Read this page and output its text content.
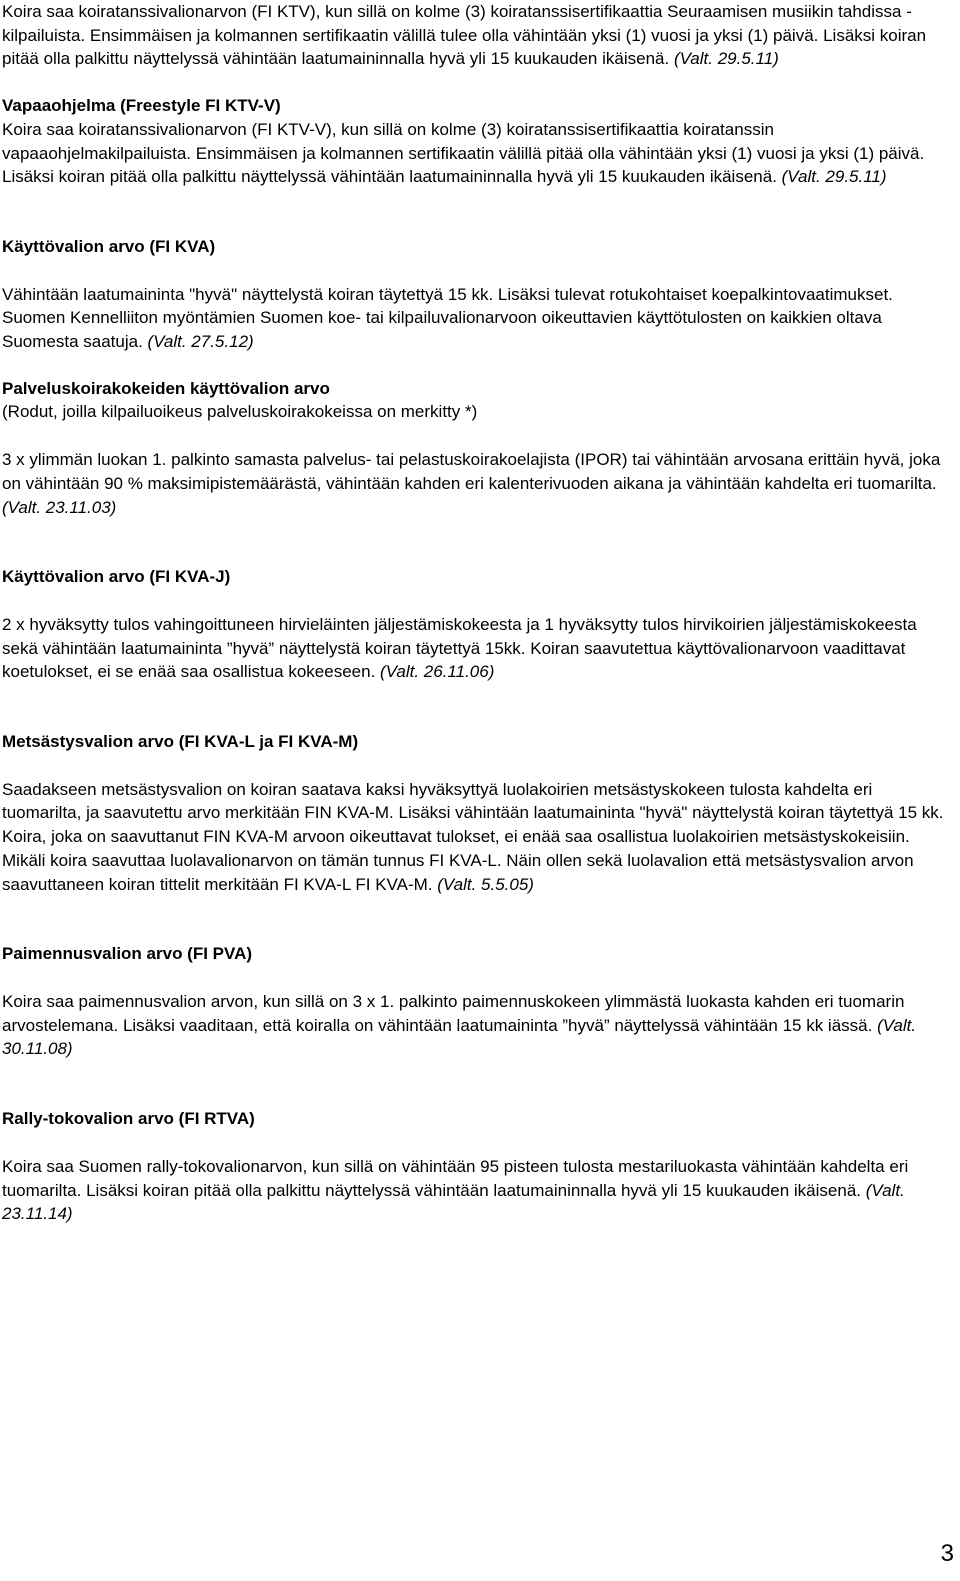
Koira saa koiratanssivalionarvon (FI KTV), kun sillä on kolme (3) koiratanssisertifikaattia Seuraamisen musiikin tahdissa -kilpailuista. Ensimmäisen ja kolmannen sertifikaatin välillä tulee olla vähintään yksi (1) vuosi ja yksi (1) päivä. Lisäksi koiran pitää olla palkittu näyttelyssä vähintään laatumaininnalla hyvä yli 15 kuukauden ikäisenä. (Valt. 29.5.11)

Vapaaohjelma (Freestyle FI KTV-V)

Koira saa koiratanssivalionarvon (FI KTV-V), kun sillä on kolme (3) koiratanssisertifikaattia koiratanssin vapaaohjelmakilpailuista. Ensimmäisen ja kolmannen sertifikaatin välillä pitää olla vähintään yksi (1) vuosi ja yksi (1) päivä. Lisäksi koiran pitää olla palkittu näyttelyssä vähintään laatumaininnalla hyvä yli 15 kuukauden ikäisenä. (Valt. 29.5.11)

Käyttövalion arvo (FI KVA)

Vähintään laatumaininta "hyvä" näyttelystä koiran täytettyä 15 kk. Lisäksi tulevat rotukohtaiset koepalkintovaatimukset. Suomen Kennelliiton myöntämien Suomen koe- tai kilpailuvalionarvoon oikeuttavien käyttötulosten on kaikkien oltava Suomesta saatuja. (Valt. 27.5.12)

Palveluskoirakokeiden käyttövalion arvo

(Rodut, joilla kilpailuoikeus palveluskoirakokeissa on merkitty *)

3 x ylimmän luokan 1. palkinto samasta palvelus- tai pelastuskoirakoelajista (IPOR) tai vähintään arvosana erittäin hyvä, joka on vähintään 90 % maksimipistemäärästä, vähintään kahden eri kalenterivuoden aikana ja vähintään kahdelta eri tuomarilta. (Valt. 23.11.03)

Käyttövalion arvo (FI KVA-J)

2 x hyväksytty tulos vahingoittuneen hirvieläinten jäljestämiskokeesta ja 1 hyväksytty tulos hirvikoirien jäljestämiskokeesta sekä vähintään laatumaininta ”hyvä” näyttelystä koiran täytettyä 15kk. Koiran saavutettua käyttövalionarvoon vaadittavat koetulokset, ei se enää saa osallistua kokeeseen. (Valt. 26.11.06)

Metsästysvalion arvo (FI KVA-L ja FI KVA-M)

Saadakseen metsästysvalion on koiran saatava kaksi hyväksyttyä luolakoirien metsästyskokeen tulosta kahdelta eri tuomarilta, ja saavutettu arvo merkitään FIN KVA-M. Lisäksi vähintään laatumaininta "hyvä" näyttelystä koiran täytettyä 15 kk. Koira, joka on saavuttanut FIN KVA-M arvoon oikeuttavat tulokset, ei enää saa osallistua luolakoirien metsästyskokeisiin. Mikäli koira saavuttaa luolavalionarvon on tämän tunnus FI KVA-L. Näin ollen sekä luolavalion että metsästysvalion arvon saavuttaneen koiran tittelit merkitään FI KVA-L FI KVA-M. (Valt. 5.5.05)

Paimennusvalion arvo (FI PVA)

Koira saa paimennusvalion arvon, kun sillä on 3 x 1. palkinto paimennuskokeen ylimmästä luokasta kahden eri tuomarin arvostelemana. Lisäksi vaaditaan, että koiralla on vähintään laatumaininta ”hyvä” näyttelyssä vähintään 15 kk iässä. (Valt. 30.11.08)

Rally-tokovalion arvo (FI RTVA)

Koira saa Suomen rally-tokovalionarvon, kun sillä on vähintään 95 pisteen tulosta mestariluokasta vähintään kahdelta eri tuomarilta. Lisäksi koiran pitää olla palkittu näyttelyssä vähintään laatumaininnalla hyvä yli 15 kuukauden ikäisenä. (Valt. 23.11.14)

3
